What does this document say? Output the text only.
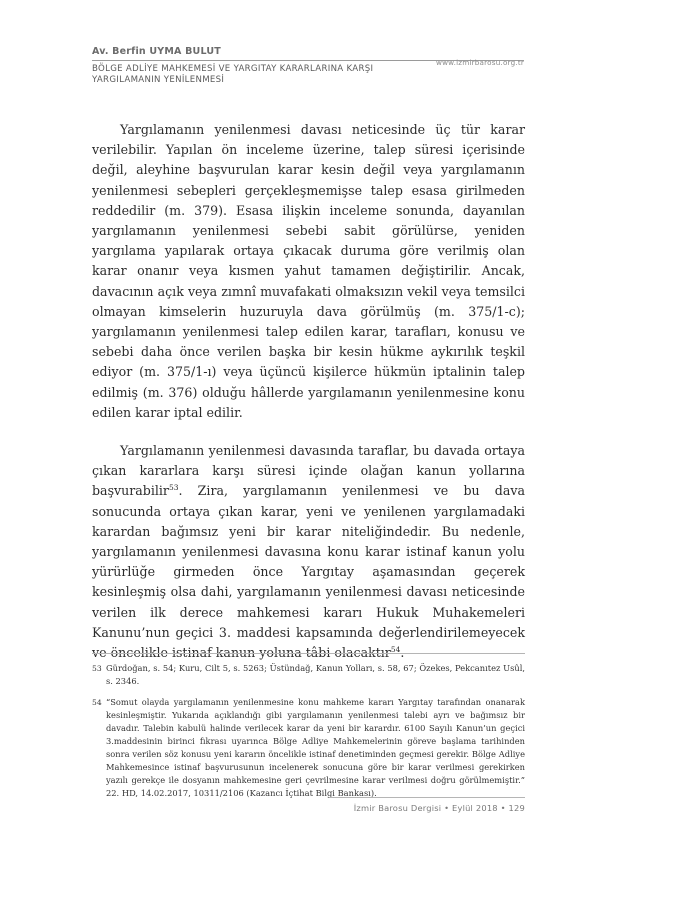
Av. Berfin UYMA BULUT
BÖLGE ADLİYE MAHKEMESİ VE YARGITAY KARARLARINA KARŞI YARGILAMANIN YENİLENMESİ
www.izmirbarosu.org.tr

Yargılamanın yenilenmesi davası neticesinde üç tür karar verilebilir. Yapılan ön inceleme üzerine, talep süresi içerisinde değil, aleyhine başvurulan karar kesin değil veya yargılamanın yenilenmesi sebepleri gerçekleşmemişse talep esasa girilmeden reddedilir (m. 379). Esasa ilişkin inceleme sonunda, dayanılan yargılamanın yenilenmesi sebebi sabit görülürse, yeniden yargılama yapılarak ortaya çıkacak duruma göre verilmiş olan karar onanır veya kısmen yahut tamamen değiştirilir. Ancak, davacının açık veya zımnî muvafakati olmaksızın vekil veya temsilci olmayan kimselerin huzuruyla dava görülmüş (m. 375/1-c); yargılamanın yenilenmesi talep edilen karar, tarafları, konusu ve sebebi daha önce verilen başka bir kesin hükme aykırılık teşkil ediyor (m. 375/1-ı) veya üçüncü kişilerce hükmün iptalinin talep edilmiş (m. 376) olduğu hâllerde yargılamanın yenilenmesine konu edilen karar iptal edilir.

Yargılamanın yenilenmesi davasında taraflar, bu davada ortaya çıkan kararlara karşı süresi içinde olağan kanun yollarına başvurabilir$^{53}$. Zira, yargılamanın yenilenmesi ve bu dava sonucunda ortaya çıkan karar, yeni ve yenilenen yargılamadaki karardan bağımsız yeni bir karar niteliğindedir. Bu nedenle, yargılamanın yenilenmesi davasına konu karar istinaf kanun yolu yürürlüğe girmeden önce Yargıtay aşamasından geçerek kesinleşmiş olsa dahi, yargılamanın yenilenmesi davası neticesinde verilen ilk derece mahkemesi kararı Hukuk Muhakemeleri Kanunu’nun geçici 3. maddesi kapsamında değerlendirilemeyecek ve öncelikle istinaf kanun yoluna tâbi olacaktır$^{54}$.

53 Gürdoğan, s. 54; Kuru, Cilt 5, s. 5263; Üstündağ, Kanun Yolları, s. 58, 67; Özekes, Pekcanıtez Usûl, s. 2346.
54 “Somut olayda yargılamanın yenilenmesine konu mahkeme kararı Yargıtay tarafından onanarak kesinleşmiştir. Yukarıda açıklandığı gibi yargılamanın yenilenmesi talebi ayrı ve bağımsız bir davadır. Talebin kabulü halinde verilecek karar da yeni bir karardır. 6100 Sayılı Kanun’un geçici 3.maddesinin birinci fıkrası uyarınca Bölge Adliye Mahkemelerinin göreve başlama tarihinden sonra verilen söz konusu yeni kararın öncelikle istinaf denetiminden geçmesi gerekir. Bölge Adliye Mahkemesince istinaf başvurusunun incelenerek sonucuna göre bir karar verilmesi gerekirken yazılı gerekçe ile dosyanın mahkemesine geri çevrilmesine karar verilmesi doğru görülmemiştir.” 22. HD, 14.02.2017, 10311/2106 (Kazancı İçtihat Bilgi Bankası).
İzmir Barosu Dergisi • Eylül 2018 • 129
